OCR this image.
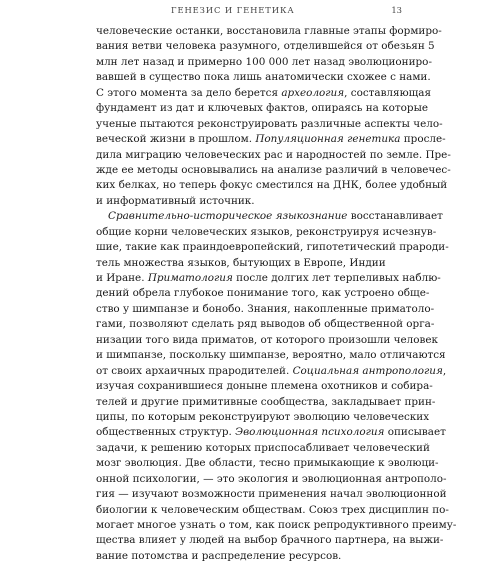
ГЕНЕЗИС И ГЕНЕТИКА	13
человеческие останки, восстановила главные этапы формиро-
вания ветви человека разумного, отделившейся от обезьян 5
млн лет назад и примерно 100 000 лет назад эволюциониро-
вавшей в существо пока лишь анатомически схожее с нами.
С этого момента за дело берется археология, составляющая
фундамент из дат и ключевых фактов, опираясь на которые
ученые пытаются реконструировать различные аспекты чело-
веческой жизни в прошлом. Популяционная генетика просле-
дила миграцию человеческих рас и народностей по земле. Пре-
жде ее методы основывались на анализе различий в человечес-
ких белках, но теперь фокус сместился на ДНК, более удобный
и информативный источник.
Сравнительно-историческое языкознание восстанавливает
общие корни человеческих языков, реконструируя исчезнув-
шие, такие как праиндоевропейский, гипотетический прароди-
тель множества языков, бытующих в Европе, Индии
и Иране. Приматология после долгих лет терпеливых наблю-
дений обрела глубокое понимание того, как устроено обще-
ство у шимпанзе и бонобо. Знания, накопленные приматоло-
гами, позволяют сделать ряд выводов об общественной орга-
низации того вида приматов, от которого произошли человек
и шимпанзе, поскольку шимпанзе, вероятно, мало отличаются
от своих архаичных прародителей. Социальная антропология,
изучая сохранившиеся доныне племена охотников и собира-
телей и другие примитивные сообщества, закладывает прин-
ципы, по которым реконструируют эволюцию человеческих
общественных структур. Эволюционная психология описывает
задачи, к решению которых приспосабливает человеческий
мозг эволюция. Две области, тесно примыкающие к эволюци-
онной психологии, — это экология и эволюционная антрополо-
гия — изучают возможности применения начал эволюционной
биологии к человеческим обществам. Союз трех дисциплин по-
могает многое узнать о том, как поиск репродуктивного преиму-
щества влияет у людей на выбор брачного партнера, на выжи-
вание потомства и распределение ресурсов.
